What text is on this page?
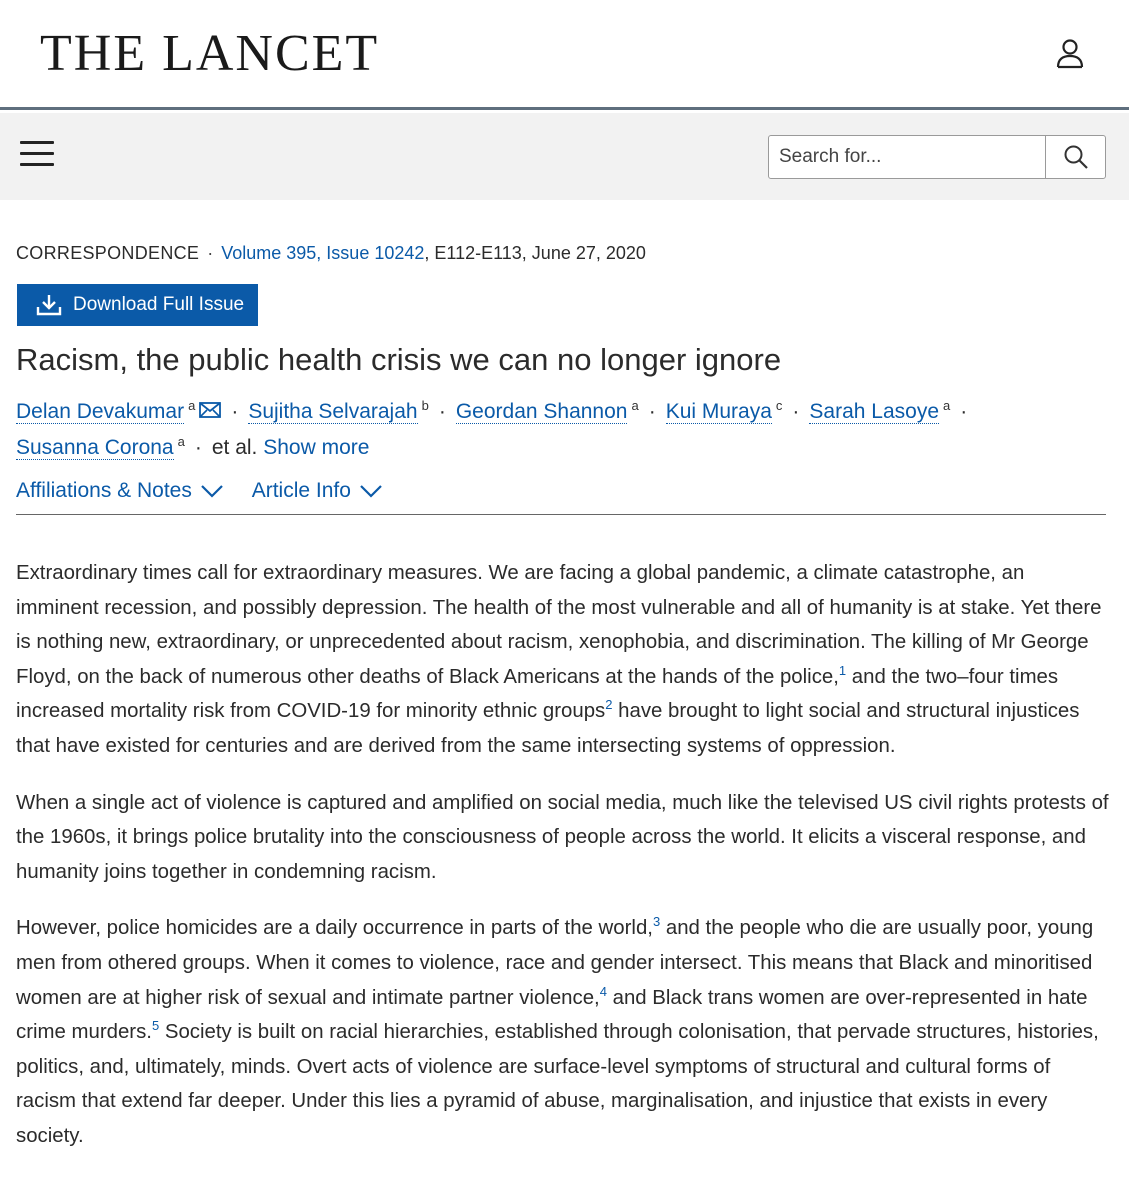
THE LANCET
Search for...
CORRESPONDENCE · Volume 395, Issue 10242, E112-E113, June 27, 2020
Download Full Issue
Racism, the public health crisis we can no longer ignore
Delan Devakumar $^a$ · Sujitha Selvarajah $^b$ · Geordan Shannon $^a$ · Kui Muraya $^c$ · Sarah Lasoye $^a$ ·
Susanna Corona $^a$ · et al. Show more
Affiliations & Notes
	Article Info

Extraordinary times call for extraordinary measures. We are facing a global pandemic, a climate catastrophe, an imminent recession, and possibly depression. The health of the most vulnerable and all of humanity is at stake. Yet there is nothing new, extraordinary, or unprecedented about racism, xenophobia, and discrimination. The killing of Mr George Floyd, on the back of numerous other deaths of Black Americans at the hands of the police,$^1$ and the two–four times increased mortality risk from COVID-19 for minority ethnic groups$^2$ have brought to light social and structural injustices that have existed for centuries and are derived from the same intersecting systems of oppression.

When a single act of violence is captured and amplified on social media, much like the televised US civil rights protests of the 1960s, it brings police brutality into the consciousness of people across the world. It elicits a visceral response, and humanity joins together in condemning racism.

However, police homicides are a daily occurrence in parts of the world,$^3$ and the people who die are usually poor, young men from othered groups. When it comes to violence, race and gender intersect. This means that Black and minoritised women are at higher risk of sexual and intimate partner violence,$^4$ and Black trans women are over-represented in hate crime murders.$^5$ Society is built on racial hierarchies, established through colonisation, that pervade structures, histories, politics, and, ultimately, minds. Overt acts of violence are surface-level symptoms of structural and cultural forms of racism that extend far deeper. Under this lies a pyramid of abuse, marginalisation, and injustice that exists in every society.
